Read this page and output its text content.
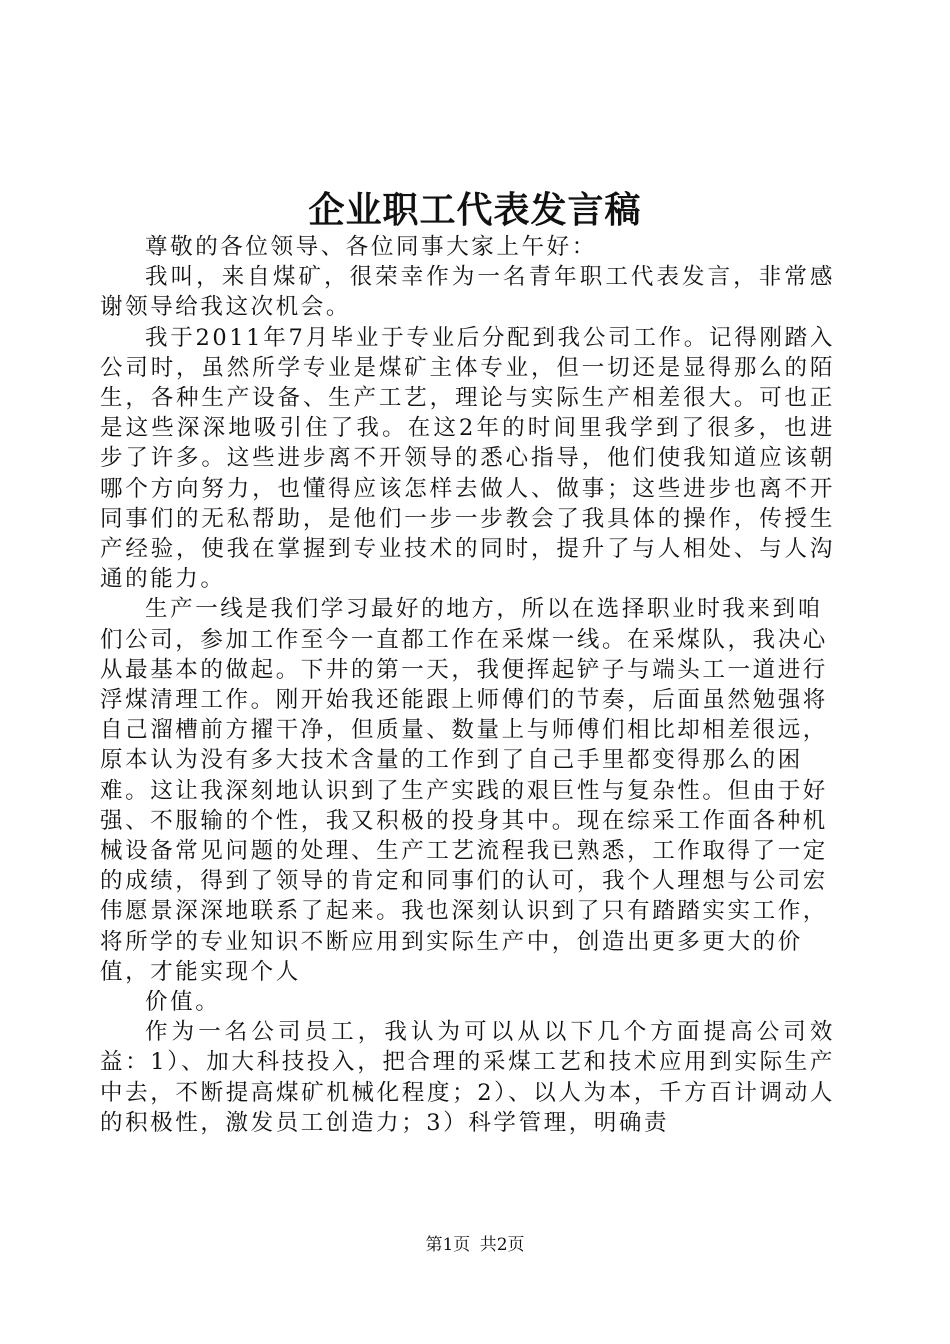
企业职工代表发言稿

尊敬的各位领导、各位同事大家上午好：

我叫，来自煤矿，很荣幸作为一名青年职工代表发言，非常感谢领导给我这次机会。

我于2011年7月毕业于专业后分配到我公司工作。记得刚踏入公司时，虽然所学专业是煤矿主体专业，但一切还是显得那么的陌生，各种生产设备、生产工艺，理论与实际生产相差很大。可也正是这些深深地吸引住了我。在这2年的时间里我学到了很多，也进步了许多。这些进步离不开领导的悉心指导，他们使我知道应该朝哪个方向努力，也懂得应该怎样去做人、做事；这些进步也离不开同事们的无私帮助，是他们一步一步教会了我具体的操作，传授生产经验，使我在掌握到专业技术的同时，提升了与人相处、与人沟通的能力。

生产一线是我们学习最好的地方，所以在选择职业时我来到咱们公司，参加工作至今一直都工作在采煤一线。在采煤队，我决心从最基本的做起。下井的第一天，我便挥起铲子与端头工一道进行浮煤清理工作。刚开始我还能跟上师傅们的节奏，后面虽然勉强将自己溜槽前方擢干净，但质量、数量上与师傅们相比却相差很远，原本认为没有多大技术含量的工作到了自己手里都变得那么的困难。这让我深刻地认识到了生产实践的艰巨性与复杂性。但由于好强、不服输的个性，我又积极的投身其中。现在综采工作面各种机械设备常见问题的处理、生产工艺流程我已熟悉，工作取得了一定的成绩，得到了领导的肯定和同事们的认可，我个人理想与公司宏伟愿景深深地联系了起来。我也深刻认识到了只有踏踏实实工作，将所学的专业知识不断应用到实际生产中，创造出更多更大的价值，才能实现个人

价值。

作为一名公司员工，我认为可以从以下几个方面提高公司效益：1）、加大科技投入，把合理的采煤工艺和技术应用到实际生产中去，不断提高煤矿机械化程度；2）、以人为本，千方百计调动人的积极性，激发员工创造力；3）科学管理，明确责

第1页 共2页
